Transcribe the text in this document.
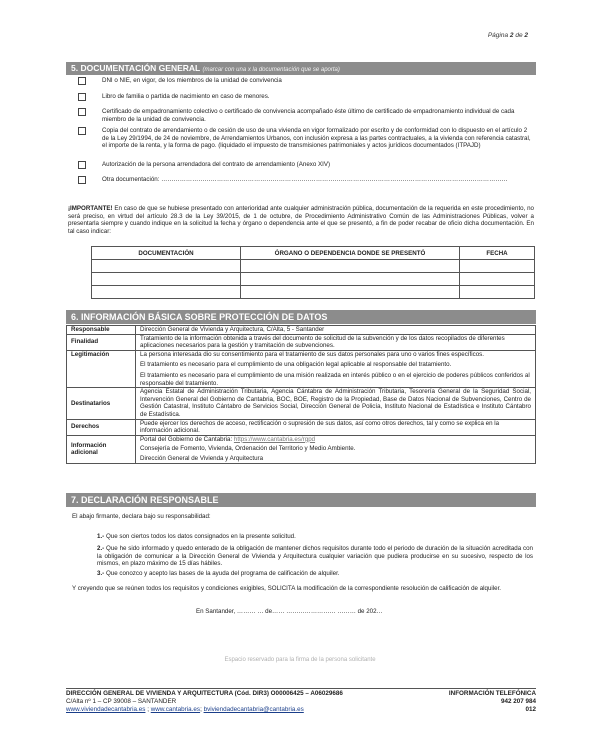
Página 2 de 2
5. DOCUMENTACIÓN GENERAL (marcar con una x la documentación que se aporta)
DNI o NIE, en vigor, de los miembros de la unidad de convivencia
Libro de familia o partida de nacimiento en caso de menores.
Certificado de empadronamiento colectivo o certificado de convivencia acompañado éste último de certificado de empadronamiento individual de cada miembro de la unidad de convivencia.
Copia del contrato de arrendamiento o de cesión de uso de una vivienda en vigor formalizado por escrito y de conformidad con lo dispuesto en el artículo 2 de la Ley 29/1994, de 24 de noviembre, de Arrendamientos Urbanos, con inclusión expresa a las partes contractuales, a la vivienda con referencia catastral, el importe de la renta, y la forma de pago. (liquidado el impuesto de transmisiones patrimoniales y actos jurídicos documentados (ITPAJD)
Autorización de la persona arrendadora del contrato de arrendamiento (Anexo XIV)
Otra documentación: ……………………………………………………………………………………………………………………………………………………
¡IMPORTANTE! En caso de que se hubiese presentado con anterioridad ante cualquier administración pública, documentación de la requerida en este procedimiento, no será preciso, en virtud del artículo 28.3 de la Ley 39/2015, de 1 de octubre, de Procedimiento Administrativo Común de las Administraciones Públicas, volver a presentarla siempre y cuando indique en la solicitud la fecha y órgano o dependencia ante el que se presentó, a fin de poder recabar de oficio dicha documentación. En tal caso indicar:
DOCUMENTACIÓN	ÓRGANO O DEPENDENCIA DONDE SE PRESENTÓ	FECHA

6. INFORMACIÓN BÁSICA SOBRE PROTECCIÓN DE DATOS
Responsable	Dirección General de Vivienda y Arquitectura, C/Alta, 5 - Santander

Finalidad	Tratamiento de la información obtenida a través del documento de solicitud de la subvención y de los datos recopilados de diferentes aplicaciones necesarios para la gestión y tramitación de subvenciones.

Legitimación	La persona interesada dio su consentimiento para el tratamiento de sus datos personales para uno o varios fines específicos.
El tratamiento es necesario para el cumplimiento de una obligación legal aplicable al responsable del tratamiento.
El tratamiento es necesario para el cumplimiento de una misión realizada en interés público o en el ejercicio de poderes públicos conferidos al responsable del tratamiento.

Destinatarios	Agencia Estatal de Administración Tributaria, Agencia Cántabra de Administración Tributaria, Tesorería General de la Seguridad Social, Intervención General del Gobierno de Cantabria, BOC, BOE, Registro de la Propiedad, Base de Datos Nacional de Subvenciones, Centro de Gestión Catastral, Instituto Cántabro de Servicios Social, Dirección General de Policía, Instituto Nacional de Estadística e Instituto Cántabro de Estadística.

Derechos	Puede ejercer los derechos de acceso, rectificación o supresión de sus datos, así como otros derechos, tal y como se explica en la información adicional.

Información adicional	Portal del Gobierno de Cantabria: https://www.cantabria.es/rgpd
Consejería de Fomento, Vivienda, Ordenación del Territorio y Medio Ambiente.
Dirección General de Vivienda y Arquitectura
7. DECLARACIÓN RESPONSABLE
El abajo firmante, declara bajo su responsabilidad:
1.- Que son ciertos todos los datos consignados en la presente solicitud.
2.- Que he sido informado y quedo enterado de la obligación de mantener dichos requisitos durante todo el periodo de duración de la situación acreditada con la obligación de comunicar a la Dirección General de Vivienda y Arquitectura cualquier variación que pudiera producirse en su sucesivo, respecto de los mismos, en plazo máximo de 15 días hábiles.
3.- Que conozco y acepto las bases de la ayuda del programa de calificación de alquiler.
Y creyendo que se reúnen todos los requisitos y condiciones exigibles, SOLICITA la modificación de la correspondiente resolución de calificación de alquiler.
En Santander, ……… … de…… …………………… ……… de 202…
Espacio reservado para la firma de la persona solicitante
DIRECCIÓN GENERAL DE VIVIENDA Y ARQUITECTURA (Cód. DIR3) O00006425 – A06029686
C/Alta nº 1 – CP 39008 – SANTANDER
www.viviendadecantabria.es ; www.cantabria.es; bviviendadecantabria@cantabria.es
INFORMACIÓN TELEFÓNICA
942 207 984
012
